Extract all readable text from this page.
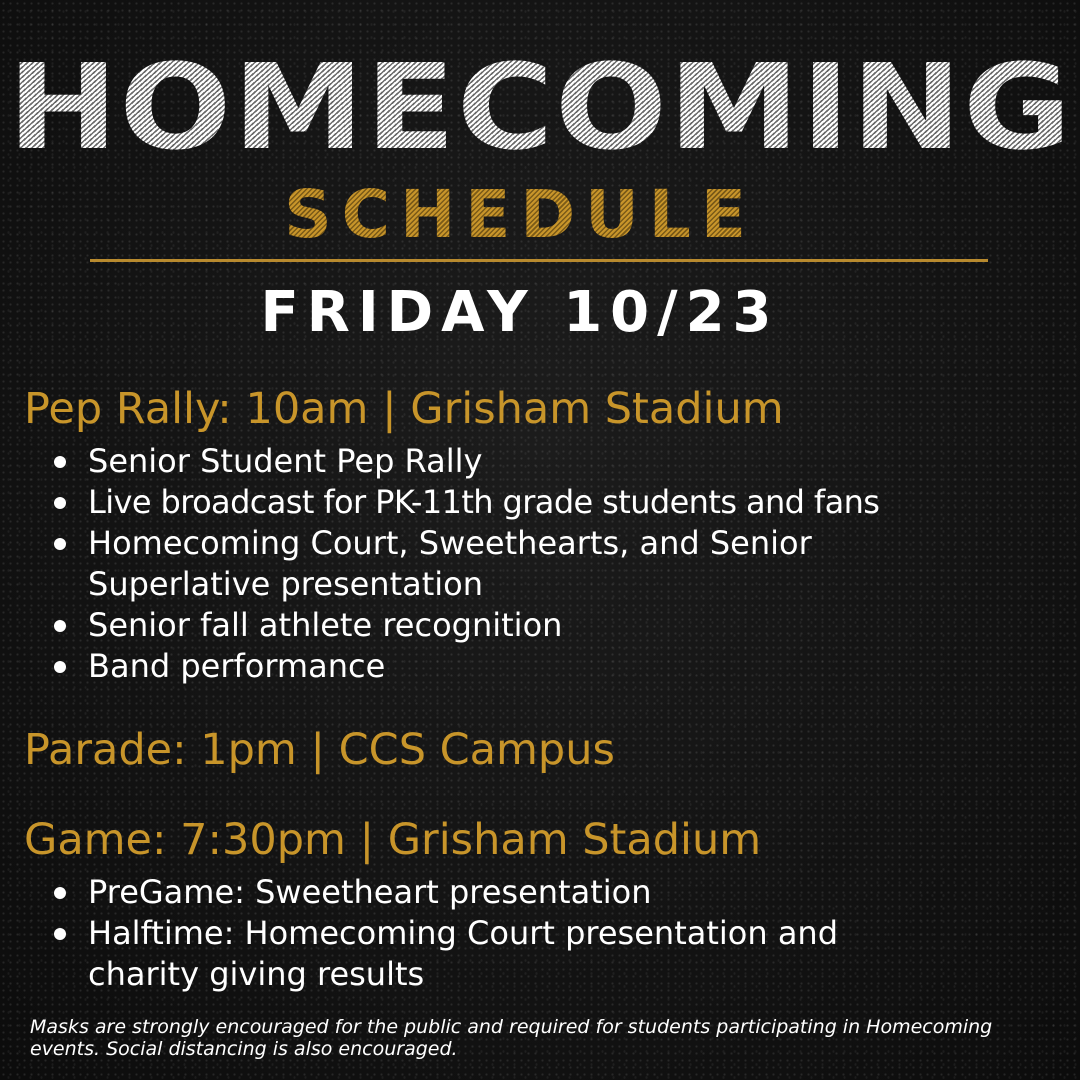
HOMECOMING
SCHEDULE
FRIDAY 10/23
Pep Rally: 10am | Grisham Stadium
Senior Student Pep Rally
Live broadcast for PK-11th grade students and fans
Homecoming Court, Sweethearts, and Senior Superlative presentation
Senior fall athlete recognition
Band performance
Parade: 1pm | CCS Campus
Game: 7:30pm | Grisham Stadium
PreGame: Sweetheart presentation
Halftime: Homecoming Court presentation and charity giving results
Masks are strongly encouraged for the public and required for students participating in Homecoming events. Social distancing is also encouraged.
